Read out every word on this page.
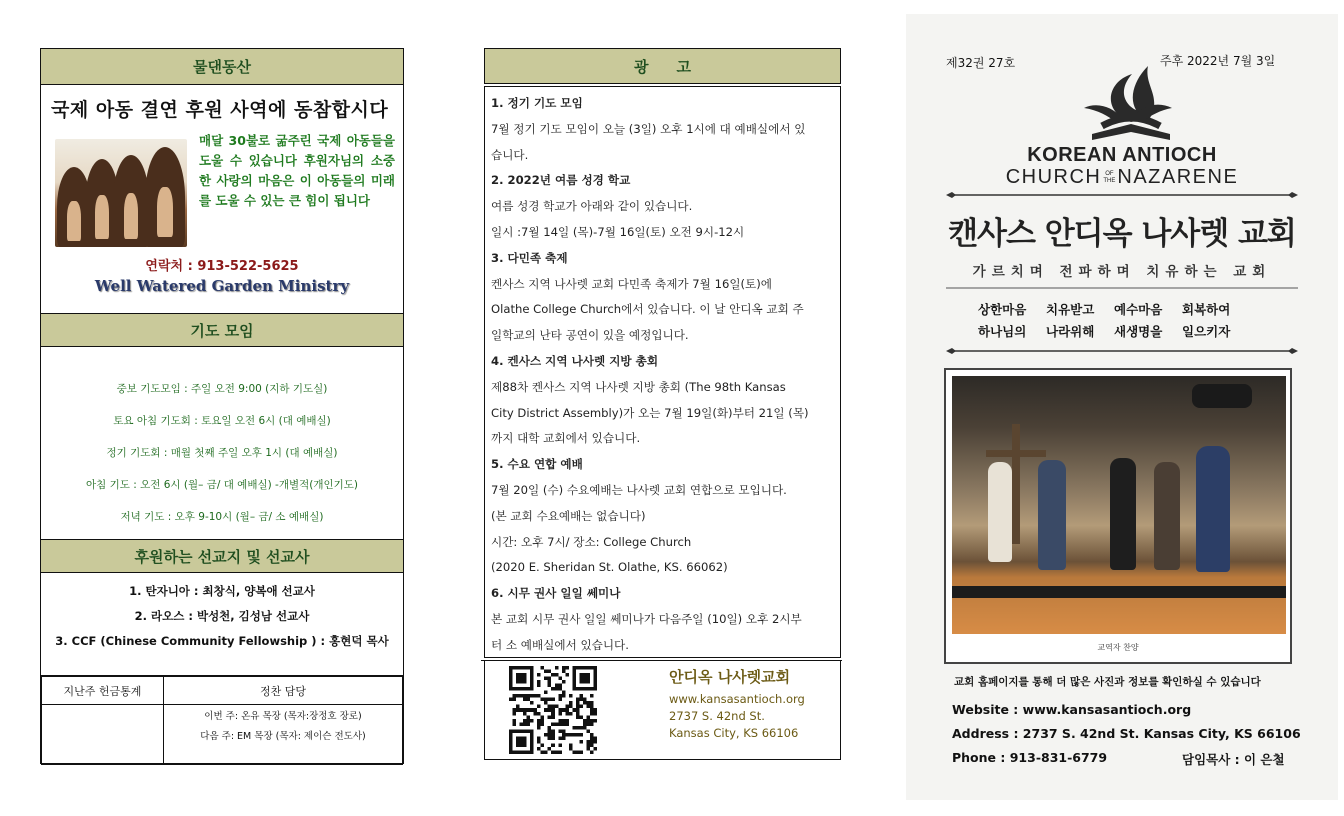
물댄동산
국제 아동 결연 후원 사역에 동참합시다
매달 30불로 굶주린 국제 아동들을 도울 수 있습니다 후원자님의 소중한 사랑의 마음은 이 아동들의 미래를 도울 수 있는 큰 힘이 됩니다
연락처 : 913-522-5625
Well Watered Garden Ministry
기도 모임
중보 기도모임 : 주일 오전 9:00 (지하 기도실)
토요 아침 기도회 : 토요일 오전 6시 (대 예배실)
정기 기도회 : 매월 첫째 주일 오후 1시 (대 예배실)
아침 기도 : 오전 6시 (월– 금/ 대 예배실) -개별적(개인기도)
저녁 기도 : 오후 9-10시 (월– 금/ 소 예배실)
후원하는 선교지 및 선교사
1. 탄자니아 : 최창식, 양복애 선교사
2. 라오스 : 박성천, 김성남 선교사
3. CCF (Chinese Community Fellowship ) : 홍현덕 목사
지난주 헌금통계	정찬 담당

	이번 주: 온유 목장 (목자:장정호 장로)
다음 주: EM 목장 (목자: 제이슨 전도사)
광고

1. 정기 기도 모임

7월 정기 기도 모임이 오늘 (3일) 오후 1시에 대 예배실에서 있

습니다.

2. 2022년 여름 성경 학교

여름 성경 학교가 아래와 같이 있습니다.

일시 :7월 14일 (목)-7월 16일(토) 오전 9시-12시

3. 다민족 축제

켄사스 지역 나사렛 교회 다민족 축제가 7월 16일(토)에

Olathe College Church에서 있습니다. 이 날 안디옥 교회 주

일학교의 난타 공연이 있을 예정입니다.

4. 켄사스 지역 나사렛 지방 총회

제88차 켄사스 지역 나사렛 지방 총회 (The 98th Kansas

City District Assembly)가 오는 7월 19일(화)부터 21일 (목)

까지 대학 교회에서 있습니다.

5. 수요 연합 예배

7월 20일 (수) 수요예배는 나사렛 교회 연합으로 모입니다.

(본 교회 수요예배는 없습니다)

시간: 오후 7시/ 장소: College Church

(2020 E. Sheridan St. Olathe, KS. 66062)

6. 시무 권사 일일 쎄미나

본 교회 시무 권사 일일 쎄미나가 다음주일 (10일) 오후 2시부

터 소 예배실에서 있습니다.

안디옥 나사렛교회
www.kansasantioch.org
2737 S. 42nd St.
Kansas City, KS 66106
제32권 27호	주후 2022년 7월 3일
KOREAN ANTIOCH
CHURCH OF
THE NAZARENE
캔사스 안디옥 나사렛 교회
가르치며 전파하며 치유하는 교회
상한마음 치유받고 예수마음 회복하여
하나님의 나라위해 새생명을 일으키자
교역자 찬양
교회 홈페이지를 통해 더 많은 사진과 정보를 확인하실 수 있습니다
Website : www.kansasantioch.org
Address : 2737 S. 42nd St. Kansas City, KS 66106
Phone : 913-831-6779	담임목사 : 이 은철
